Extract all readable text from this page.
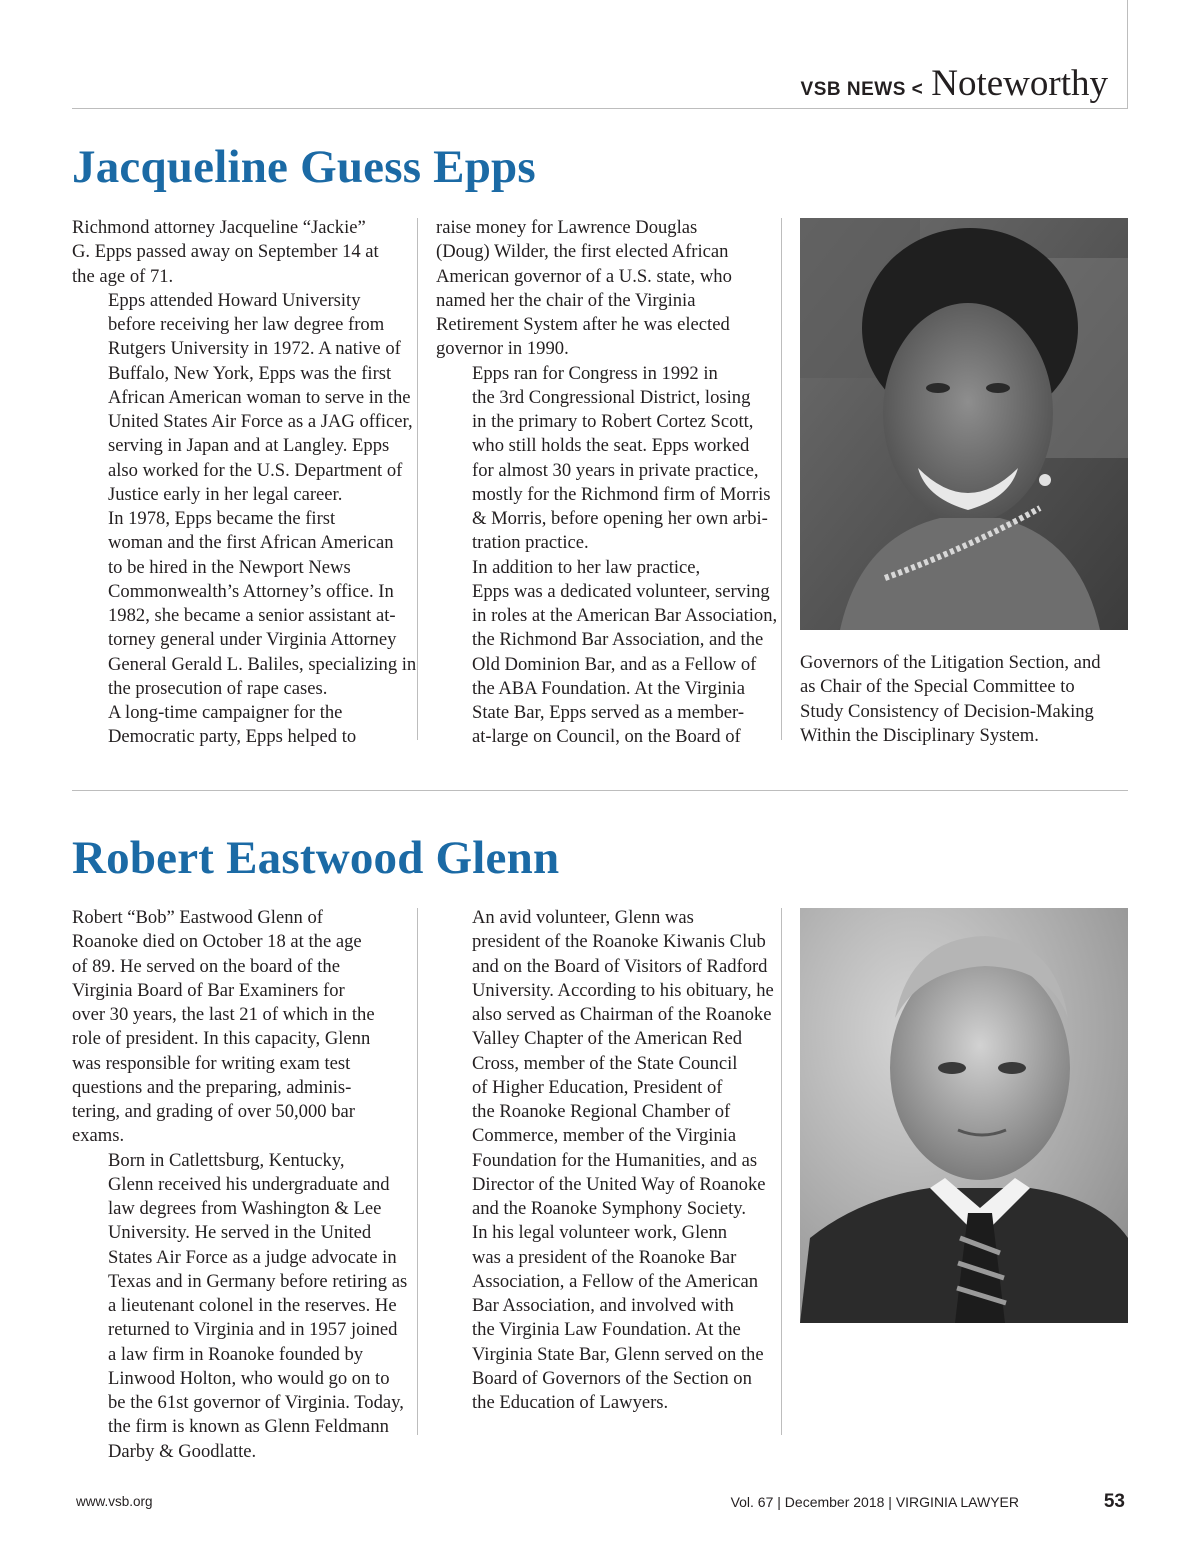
VSB NEWS < Noteworthy
Jacqueline Guess Epps

Richmond attorney Jacqueline “Jackie”
G. Epps passed away on September 14 at
the age of 71.

Epps attended Howard University
before receiving her law degree from
Rutgers University in 1972. A native of
Buffalo, New York, Epps was the first
African American woman to serve in the
United States Air Force as a JAG officer,
serving in Japan and at Langley. Epps
also worked for the U.S. Department of
Justice early in her legal career.

In 1978, Epps became the first
woman and the first African American
to be hired in the Newport News
Commonwealth’s Attorney’s office. In
1982, she became a senior assistant at-
torney general under Virginia Attorney
General Gerald L. Baliles, specializing in
the prosecution of rape cases.

A long-time campaigner for the
Democratic party, Epps helped to

raise money for Lawrence Douglas
(Doug) Wilder, the first elected African
American governor of a U.S. state, who
named her the chair of the Virginia
Retirement System after he was elected
governor in 1990.

Epps ran for Congress in 1992 in
the 3rd Congressional District, losing
in the primary to Robert Cortez Scott,
who still holds the seat. Epps worked
for almost 30 years in private practice,
mostly for the Richmond firm of Morris
& Morris, before opening her own arbi-
tration practice.

In addition to her law practice,
Epps was a dedicated volunteer, serving
in roles at the American Bar Association,
the Richmond Bar Association, and the
Old Dominion Bar, and as a Fellow of
the ABA Foundation. At the Virginia
State Bar, Epps served as a member-
at-large on Council, on the Board of

Governors of the Litigation Section, and
as Chair of the Special Committee to
Study Consistency of Decision-Making
Within the Disciplinary System.

Robert Eastwood Glenn

Robert “Bob” Eastwood Glenn of
Roanoke died on October 18 at the age
of 89. He served on the board of the
Virginia Board of Bar Examiners for
over 30 years, the last 21 of which in the
role of president. In this capacity, Glenn
was responsible for writing exam test
questions and the preparing, adminis-
tering, and grading of over 50,000 bar
exams.

Born in Catlettsburg, Kentucky,
Glenn received his undergraduate and
law degrees from Washington & Lee
University. He served in the United
States Air Force as a judge advocate in
Texas and in Germany before retiring as
a lieutenant colonel in the reserves. He
returned to Virginia and in 1957 joined
a law firm in Roanoke founded by
Linwood Holton, who would go on to
be the 61st governor of Virginia. Today,
the firm is known as Glenn Feldmann
Darby & Goodlatte.

An avid volunteer, Glenn was
president of the Roanoke Kiwanis Club
and on the Board of Visitors of Radford
University. According to his obituary, he
also served as Chairman of the Roanoke
Valley Chapter of the American Red
Cross, member of the State Council
of Higher Education, President of
the Roanoke Regional Chamber of
Commerce, member of the Virginia
Foundation for the Humanities, and as
Director of the United Way of Roanoke
and the Roanoke Symphony Society.

In his legal volunteer work, Glenn
was a president of the Roanoke Bar
Association, a Fellow of the American
Bar Association, and involved with
the Virginia Law Foundation. At the
Virginia State Bar, Glenn served on the
Board of Governors of the Section on
the Education of Lawyers.

www.vsb.org	Vol. 67 | December 2018 | VIRGINIA LAWYER	53
